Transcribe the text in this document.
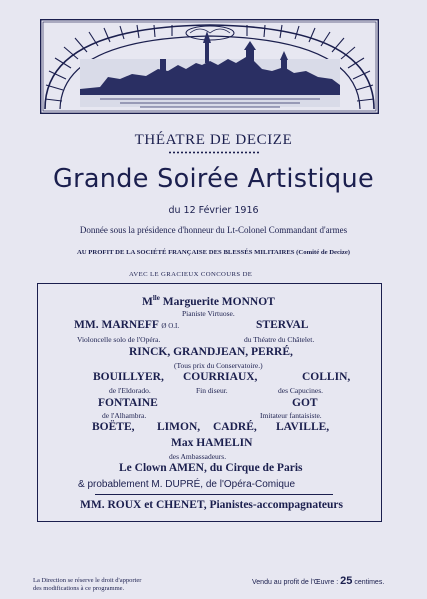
THÉATRE DE DECIZE
Grande Soirée Artistique
du 12 Février 1916
Donnée sous la présidence d'honneur du Lt-Colonel Commandant d'armes
AU PROFIT DE LA SOCIÉTÉ FRANÇAISE DES BLESSÉS MILITAIRES (Comité de Decize)
AVEC LE GRACIEUX CONCOURS DE
$M^{lle}$ Marguerite MONNOT
Pianiste Virtuose.
MM. MARNEFF Ø O.I.
Violoncelle solo de l'Opéra.
STERVAL
du Théatre du Châtelet.
RINCK, GRANDJEAN, PERRÉ,
(Tous prix du Conservatoire.)
BOUILLYER,
de l'Eldorado.
COURRIAUX,
Fin diseur.
COLLIN,
des Capucines.
FONTAINE
de l'Alhambra.
GOT
Imitateur fantaisiste.
BOËTE, LIMON, CADRÉ, LAVILLE,
Max HAMELIN
des Ambassadeurs.
Le Clown AMEN, du Cirque de Paris
& probablement M. DUPRÉ, de l'Opéra-Comique
MM. ROUX et CHENET, Pianistes-accompagnateurs
La Direction se réserve le droit d'apporter
des modifications à ce programme.
Vendu au profit de l'Œuvre : 25 centimes.
